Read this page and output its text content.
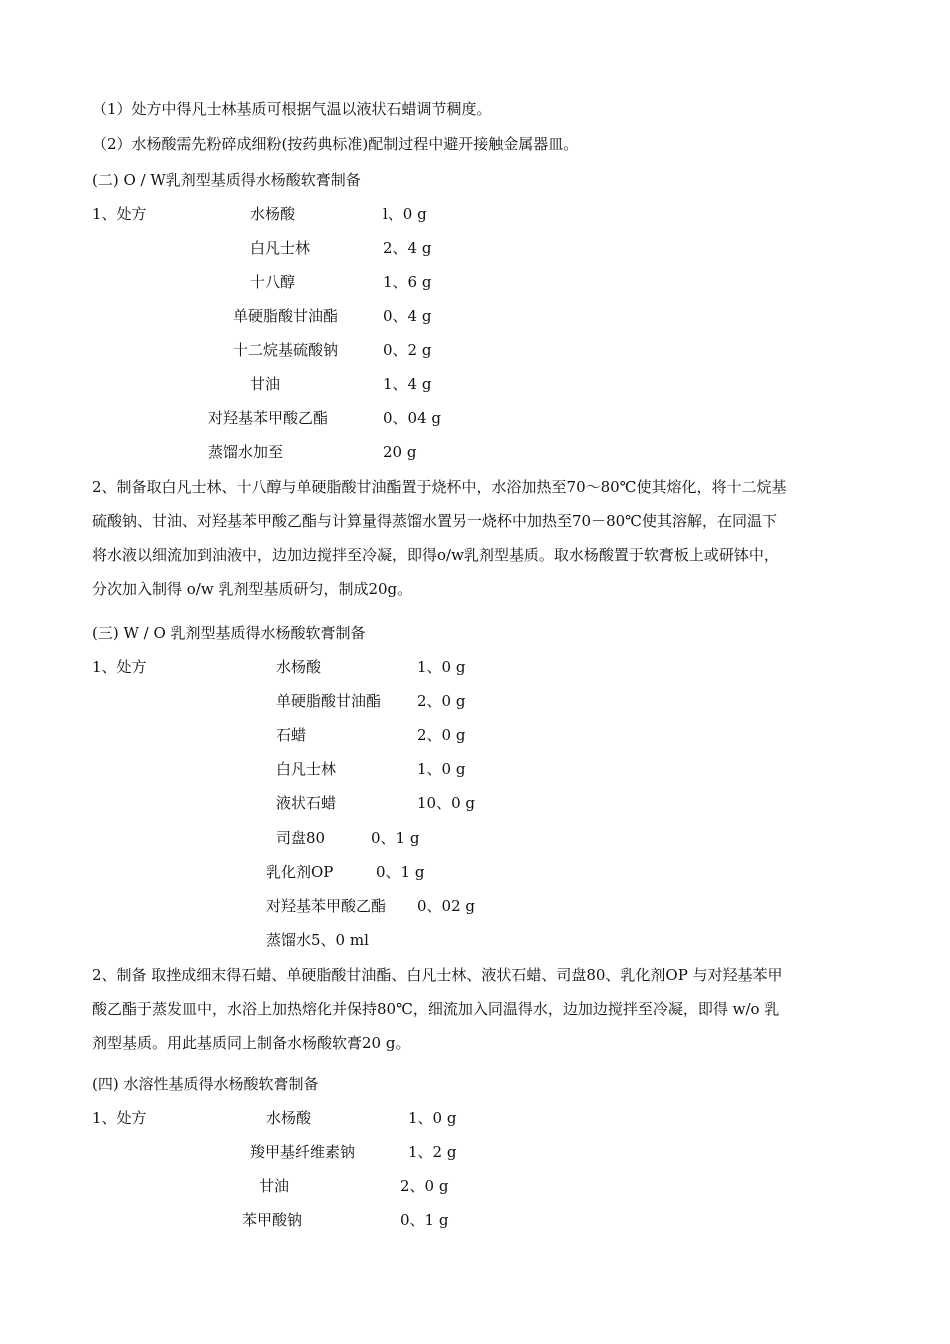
（1）处方中得凡士林基质可根据气温以液状石蜡调节稠度。
（2）水杨酸需先粉碎成细粉(按药典标准)配制过程中避开接触金属器皿。
(二) O / W乳剂型基质得水杨酸软膏制备
1、处方	水杨酸	l、0 g
白凡士林	2、4 g
十八醇	1、6 g
单硬脂酸甘油酯	0、4 g
十二烷基硫酸钠	0、2 g
甘油	1、4 g
对羟基苯甲酸乙酯	0、04 g
蒸馏水加至	20 g
2、制备取白凡士林、十八醇与单硬脂酸甘油酯置于烧杯中，水浴加热至70～80℃使其熔化，将十二烷基
硫酸钠、甘油、对羟基苯甲酸乙酯与计算量得蒸馏水置另一烧杯中加热至70－80℃使其溶解，在同温下
将水液以细流加到油液中，边加边搅拌至冷凝，即得o/w乳剂型基质。取水杨酸置于软膏板上或研钵中，
分次加入制得 o/w 乳剂型基质研匀，制成20g。
(三) W / O 乳剂型基质得水杨酸软膏制备
1、处方	水杨酸	1、0 g
单硬脂酸甘油酯 2、0 g
石蜡	2、0 g
白凡士林	1、0 g
液状石蜡	10、0 g
司盘80	0、1 g
乳化剂OP	0、1 g
对羟基苯甲酸乙酯 0、02 g
蒸馏水5、0 ml
2、制备 取挫成细末得石蜡、单硬脂酸甘油酯、白凡士林、液状石蜡、司盘80、乳化剂OP 与对羟基苯甲
酸乙酯于蒸发皿中，水浴上加热熔化并保持80℃，细流加入同温得水，边加边搅拌至冷凝，即得 w/o 乳
剂型基质。用此基质同上制备水杨酸软膏20 g。
(四) 水溶性基质得水杨酸软膏制备
1、处方	水杨酸	1、0 g
羧甲基纤维素钠	1、2 g
甘油	2、0 g
苯甲酸钠	0、1 g
